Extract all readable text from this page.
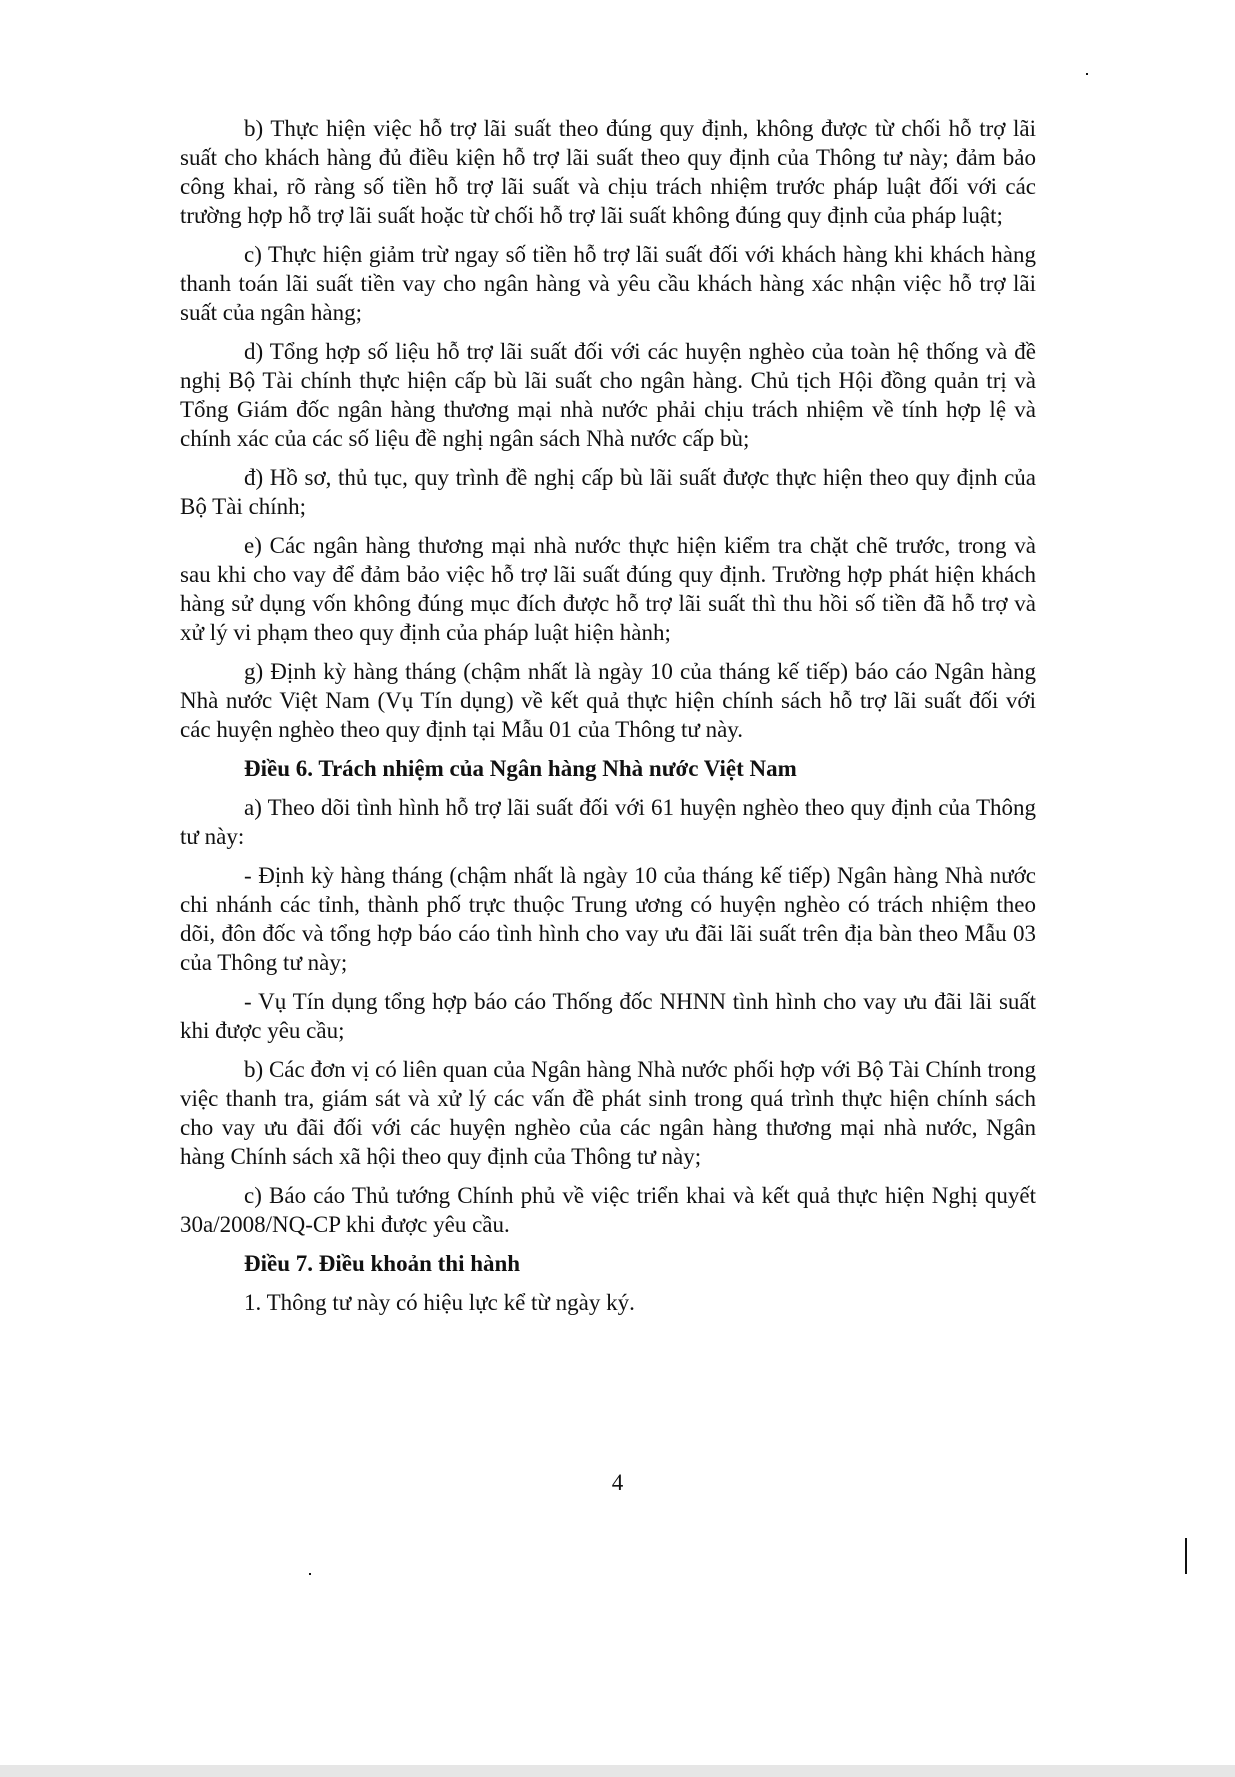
b) Thực hiện việc hỗ trợ lãi suất theo đúng quy định, không được từ chối hỗ trợ lãi suất cho khách hàng đủ điều kiện hỗ trợ lãi suất theo quy định của Thông tư này; đảm bảo công khai, rõ ràng số tiền hỗ trợ lãi suất và chịu trách nhiệm trước pháp luật đối với các trường hợp hỗ trợ lãi suất hoặc từ chối hỗ trợ lãi suất không đúng quy định của pháp luật;

c) Thực hiện giảm trừ ngay số tiền hỗ trợ lãi suất đối với khách hàng khi khách hàng thanh toán lãi suất tiền vay cho ngân hàng và yêu cầu khách hàng xác nhận việc hỗ trợ lãi suất của ngân hàng;

d) Tổng hợp số liệu hỗ trợ lãi suất đối với các huyện nghèo của toàn hệ thống và đề nghị Bộ Tài chính thực hiện cấp bù lãi suất cho ngân hàng. Chủ tịch Hội đồng quản trị và Tổng Giám đốc ngân hàng thương mại nhà nước phải chịu trách nhiệm về tính hợp lệ và chính xác của các số liệu đề nghị ngân sách Nhà nước cấp bù;

đ) Hồ sơ, thủ tục, quy trình đề nghị cấp bù lãi suất được thực hiện theo quy định của Bộ Tài chính;

e) Các ngân hàng thương mại nhà nước thực hiện kiểm tra chặt chẽ trước, trong và sau khi cho vay để đảm bảo việc hỗ trợ lãi suất đúng quy định. Trường hợp phát hiện khách hàng sử dụng vốn không đúng mục đích được hỗ trợ lãi suất thì thu hồi số tiền đã hỗ trợ và xử lý vi phạm theo quy định của pháp luật hiện hành;

g) Định kỳ hàng tháng (chậm nhất là ngày 10 của tháng kế tiếp) báo cáo Ngân hàng Nhà nước Việt Nam (Vụ Tín dụng) về kết quả thực hiện chính sách hỗ trợ lãi suất đối với các huyện nghèo theo quy định tại Mẫu 01 của Thông tư này.

Điều 6. Trách nhiệm của Ngân hàng Nhà nước Việt Nam

a) Theo dõi tình hình hỗ trợ lãi suất đối với 61 huyện nghèo theo quy định của Thông tư này:

- Định kỳ hàng tháng (chậm nhất là ngày 10 của tháng kế tiếp) Ngân hàng Nhà nước chi nhánh các tỉnh, thành phố trực thuộc Trung ương có huyện nghèo có trách nhiệm theo dõi, đôn đốc và tổng hợp báo cáo tình hình cho vay ưu đãi lãi suất trên địa bàn theo Mẫu 03 của Thông tư này;

- Vụ Tín dụng tổng hợp báo cáo Thống đốc NHNN tình hình cho vay ưu đãi lãi suất khi được yêu cầu;

b) Các đơn vị có liên quan của Ngân hàng Nhà nước phối hợp với Bộ Tài Chính trong việc thanh tra, giám sát và xử lý các vấn đề phát sinh trong quá trình thực hiện chính sách cho vay ưu đãi đối với các huyện nghèo của các ngân hàng thương mại nhà nước, Ngân hàng Chính sách xã hội theo quy định của Thông tư này;

c) Báo cáo Thủ tướng Chính phủ về việc triển khai và kết quả thực hiện Nghị quyết 30a/2008/NQ-CP khi được yêu cầu.

Điều 7. Điều khoản thi hành

1. Thông tư này có hiệu lực kể từ ngày ký.

4
